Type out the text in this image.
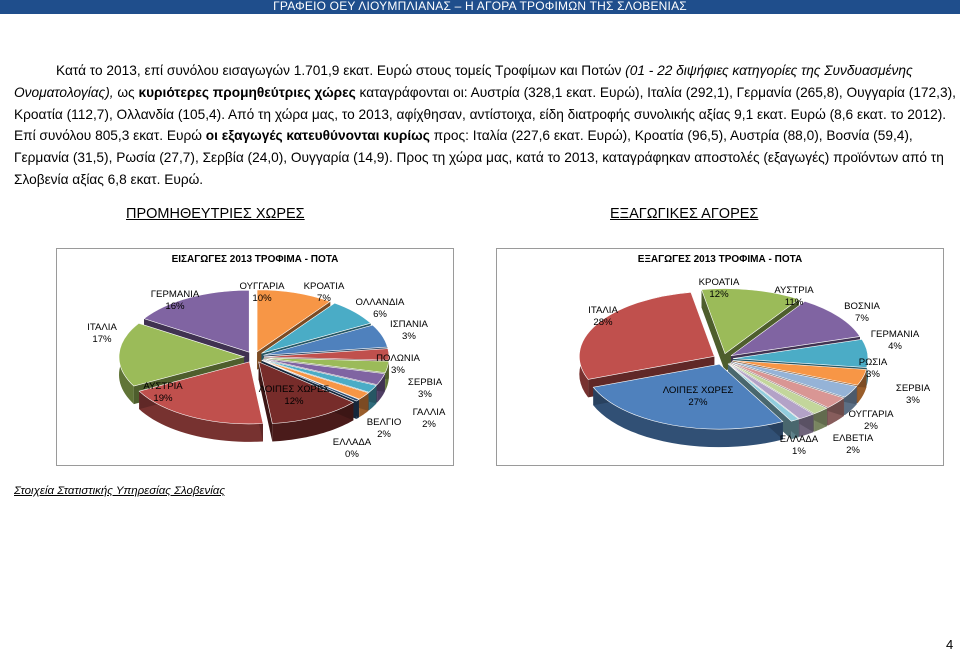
ΓΡΑΦΕΙΟ ΟΕΥ ΛΙΟΥΜΠΛΙΑΝΑΣ – Η ΑΓΟΡΑ ΤΡΟΦΙΜΩΝ ΤΗΣ ΣΛΟΒΕΝΙΑΣ

Κατά το 2013, επί συνόλου εισαγωγών 1.701,9 εκατ. Ευρώ στους τομείς Τροφίμων και Ποτών (01 - 22 διψήφιες κατηγορίες της Συνδυασμένης Ονοματολογίας), ως κυριότερες προμηθεύτριες χώρες καταγράφονται οι: Αυστρία (328,1 εκατ. Ευρώ), Ιταλία (292,1), Γερμανία (265,8), Ουγγαρία (172,3), Κροατία (112,7), Ολλανδία (105,4). Από τη χώρα μας, το 2013, αφίχθησαν, αντίστοιχα, είδη διατροφής συνολικής αξίας 9,1 εκατ. Ευρώ (8,6 εκατ. το 2012). Επί συνόλου 805,3 εκατ. Ευρώ οι εξαγωγές κατευθύνονται κυρίως προς: Ιταλία (227,6 εκατ. Ευρώ), Κροατία (96,5), Αυστρία (88,0), Βοσνία (59,4), Γερμανία (31,5), Ρωσία (27,7), Σερβία (24,0), Ουγγαρία (14,9). Προς τη χώρα μας, κατά το 2013, καταγράφηκαν αποστολές (εξαγωγές) προϊόντων από τη Σλοβενία αξίας 6,8 εκατ. Ευρώ.

ΠΡΟΜΗΘΕΥΤΡΙΕΣ ΧΩΡΕΣ	ΕΞΑΓΩΓΙΚΕΣ ΑΓΟΡΕΣ
ΕΙΣΑΓΩΓΕΣ 2013 ΤΡΟΦΙΜΑ - ΠΟΤΑ
ΟΥΓΓΑΡΙΑ
10%
ΚΡΟΑΤΙΑ
7%	ΟΛΛΑΝΔΙΑ
6%
ΙΣΠΑΝΙΑ
3%
ΠΟΛΩΝΙΑ
3%
ΣΕΡΒΙΑ
3%
ΓΑΛΛΙΑ
2%
ΒΕΛΓΙΟ
2%
ΕΛΛΑΔΑ
0%
ΛΟΙΠΕΣ ΧΩΡΕΣ
12%
ΑΥΣΤΡΙΑ
19%
ΙΤΑΛΙΑ
17%
ΓΕΡΜΑΝΙΑ
16%
ΕΞΑΓΩΓΕΣ 2013 ΤΡΟΦΙΜΑ - ΠΟΤΑ
ΚΡΟΑΤΙΑ
12%	ΑΥΣΤΡΙΑ
11%	ΒΟΣΝΙΑ
7%
ΓΕΡΜΑΝΙΑ
4%
ΡΩΣΙΑ
3%
ΣΕΡΒΙΑ
3%
ΟΥΓΓΑΡΙΑ
2%
ΕΛΒΕΤΙΑ
2%
ΕΛΛΑΔΑ
1%
ΛΟΙΠΕΣ ΧΩΡΕΣ
27%
ΙΤΑΛΙΑ
28%
Στοιχεία Στατιστικής Υπηρεσίας Σλοβενίας
4
